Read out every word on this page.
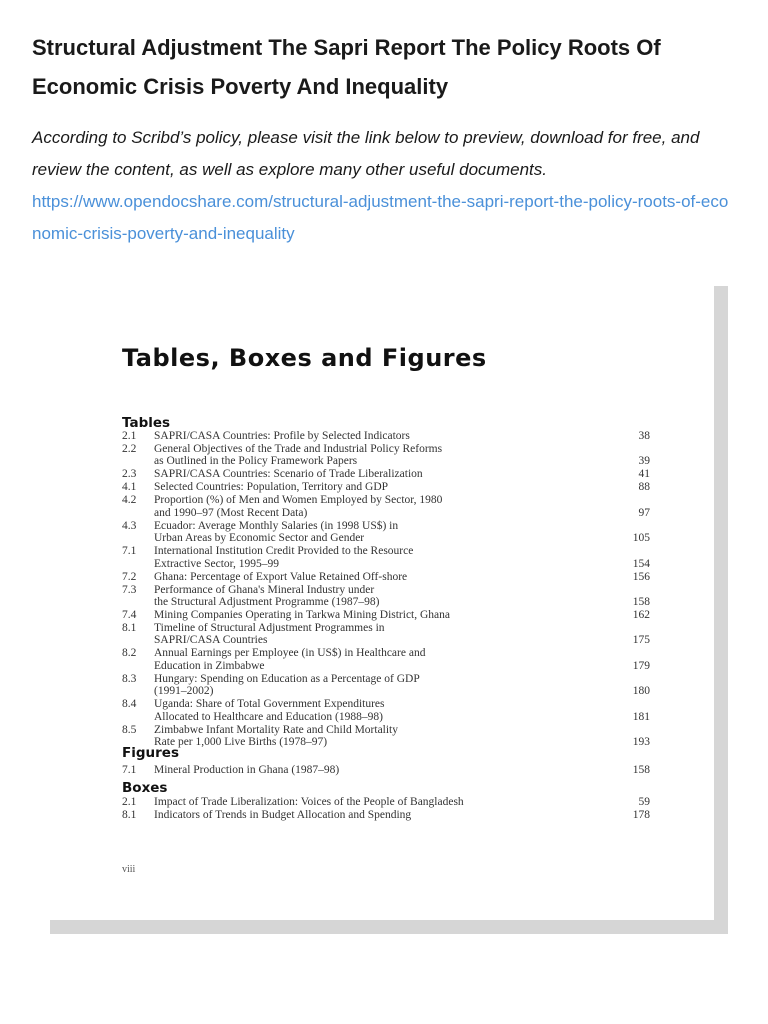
Structural Adjustment The Sapri Report The Policy Roots Of Economic Crisis Poverty And Inequality

According to Scribd’s policy, please visit the link below to preview, download for free, and review the content, as well as explore many other useful documents.

https://www.opendocshare.com/structural-adjustment-the-sapri-report-the-policy-roots-of-economic-crisis-poverty-and-inequality
Tables, Boxes and Figures
Tables
Figures
Boxes
viii
2.1 SAPRI/CASA Countries: Profile by Selected Indicators	38
2.2 General Objectives of the Trade and Industrial Policy Reforms
as Outlined in the Policy Framework Papers	39
2.3 SAPRI/CASA Countries: Scenario of Trade Liberalization	41
4.1 Selected Countries: Population, Territory and GDP	88
4.2 Proportion (%) of Men and Women Employed by Sector, 1980
and 1990–97 (Most Recent Data)	97
4.3 Ecuador: Average Monthly Salaries (in 1998 US$) in
Urban Areas by Economic Sector and Gender	105
7.1 International Institution Credit Provided to the Resource
Extractive Sector, 1995–99	154
7.2 Ghana: Percentage of Export Value Retained Off-shore	156
7.3 Performance of Ghana's Mineral Industry under
the Structural Adjustment Programme (1987–98)	158
7.4 Mining Companies Operating in Tarkwa Mining District, Ghana	162
8.1 Timeline of Structural Adjustment Programmes in
SAPRI/CASA Countries	175
8.2 Annual Earnings per Employee (in US$) in Healthcare and
Education in Zimbabwe	179
8.3 Hungary: Spending on Education as a Percentage of GDP
(1991–2002)	180
8.4 Uganda: Share of Total Government Expenditures
Allocated to Healthcare and Education (1988–98)	181
8.5 Zimbabwe Infant Mortality Rate and Child Mortality
Rate per 1,000 Live Births (1978–97)	193
7.1 Mineral Production in Ghana (1987–98)	158
2.1 Impact of Trade Liberalization: Voices of the People of Bangladesh	59
8.1 Indicators of Trends in Budget Allocation and Spending	178
